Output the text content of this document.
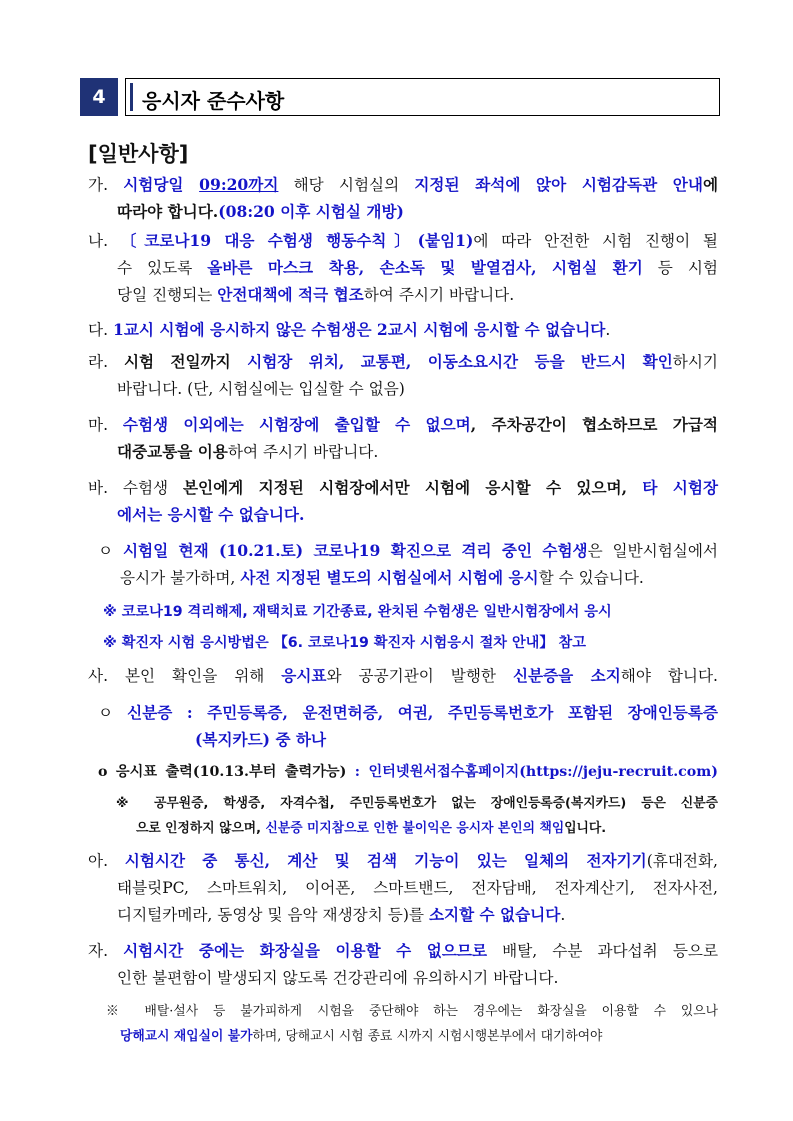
4	응시자 준수사항
[일반사항]
가. 시험당일 09:20까지 해당 시험실의 지정된 좌석에 앉아 시험감독관 안내에
따라야 합니다.(08:20 이후 시험실 개방)
나. 〔코로나19 대응 수험생 행동수칙〕(붙임1)에 따라 안전한 시험 진행이 될
수 있도록 올바른 마스크 착용, 손소독 및 발열검사, 시험실 환기 등 시험
당일 진행되는 안전대책에 적극 협조하여 주시기 바랍니다.
다. 1교시 시험에 응시하지 않은 수험생은 2교시 시험에 응시할 수 없습니다.
라. 시험 전일까지 시험장 위치, 교통편, 이동소요시간 등을 반드시 확인하시기
바랍니다. (단, 시험실에는 입실할 수 없음)
마. 수험생 이외에는 시험장에 출입할 수 없으며, 주차공간이 협소하므로 가급적
대중교통을 이용하여 주시기 바랍니다.
바. 수험생 본인에게 지정된 시험장에서만 시험에 응시할 수 있으며, 타 시험장
에서는 응시할 수 없습니다.
ㅇ 시험일 현재 (10.21.토) 코로나19 확진으로 격리 중인 수험생은 일반시험실에서
응시가 불가하며, 사전 지정된 별도의 시험실에서 시험에 응시할 수 있습니다.
※ 코로나19 격리해제, 재택치료 기간종료, 완치된 수험생은 일반시험장에서 응시
※ 확진자 시험 응시방법은 【6. 코로나19 확진자 시험응시 절차 안내】 참고
사. 본인 확인을 위해 응시표와 공공기관이 발행한 신분증을 소지해야 합니다.
ㅇ 신분증 : 주민등록증, 운전면허증, 여권, 주민등록번호가 포함된 장애인등록증
(복지카드) 중 하나
o 응시표 출력(10.13.부터 출력가능) : 인터넷원서접수홈페이지(https://jeju-recruit.com)
※ 공무원증, 학생증, 자격수첩, 주민등록번호가 없는 장애인등록증(복지카드) 등은 신분증
으로 인정하지 않으며, 신분증 미지참으로 인한 불이익은 응시자 본인의 책임입니다.
아. 시험시간 중 통신, 계산 및 검색 기능이 있는 일체의 전자기기(휴대전화,
태블릿PC, 스마트워치, 이어폰, 스마트밴드, 전자담배, 전자계산기, 전자사전,
디지털카메라, 동영상 및 음악 재생장치 등)를 소지할 수 없습니다.
자. 시험시간 중에는 화장실을 이용할 수 없으므로 배탈, 수분 과다섭취 등으로
인한 불편함이 발생되지 않도록 건강관리에 유의하시기 바랍니다.
※ 배탈·설사 등 불가피하게 시험을 중단해야 하는 경우에는 화장실을 이용할 수 있으나
당해교시 재입실이 불가하며, 당해교시 시험 종료 시까지 시험시행본부에서 대기하여야
